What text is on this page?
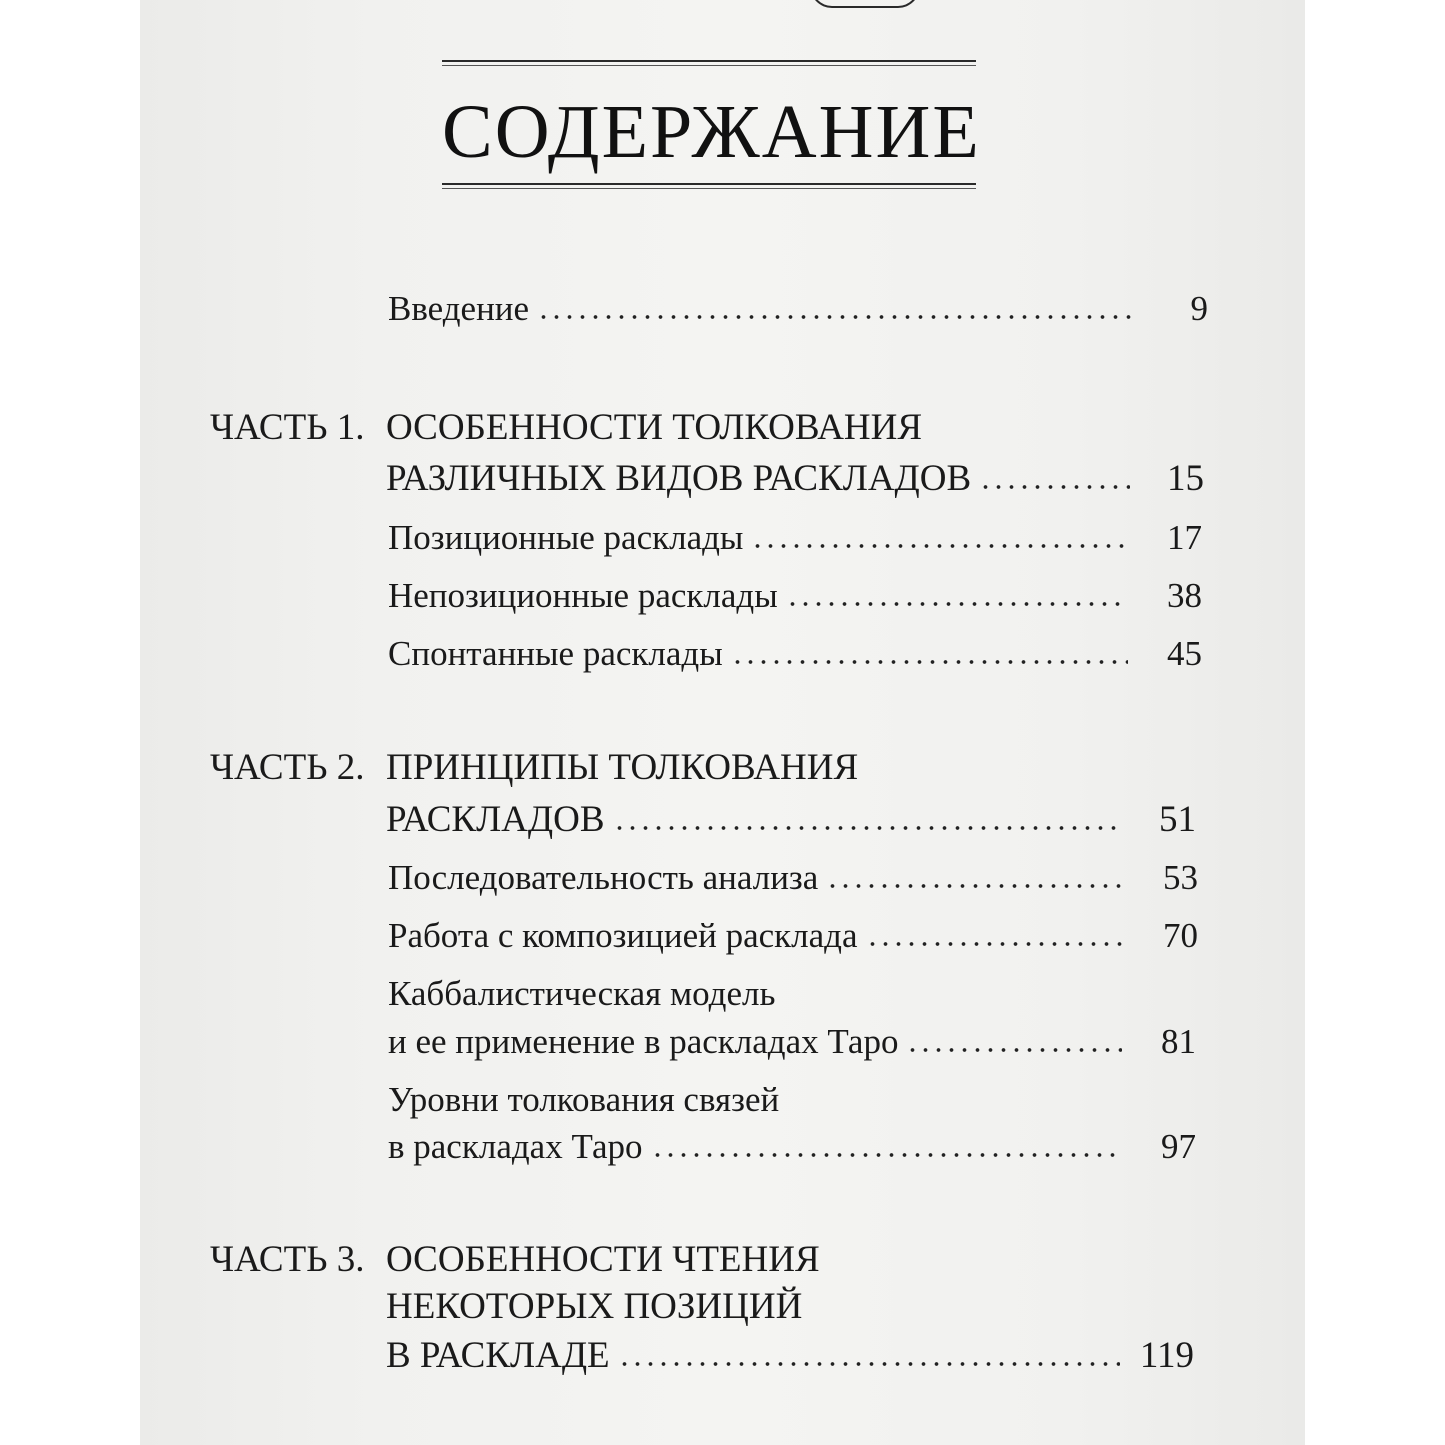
СОДЕРЖАНИЕ
Введение	9
ЧАСТЬ 1. ОСОБЕННОСТИ ТОЛКОВАНИЯ
РАЗЛИЧНЫХ ВИДОВ РАСКЛАДОВ	15
Позиционные расклады	17
Непозиционные расклады	38
Спонтанные расклады	45
ЧАСТЬ 2. ПРИНЦИПЫ ТОЛКОВАНИЯ
РАСКЛАДОВ	51
Последовательность анализа	53
Работа с композицией расклада	70
Каббалистическая модель
и ее применение в раскладах Таро	81
Уровни толкования связей
в раскладах Таро	97
ЧАСТЬ 3. ОСОБЕННОСТИ ЧТЕНИЯ
НЕКОТОРЫХ ПОЗИЦИЙ
В РАСКЛАДЕ	119
